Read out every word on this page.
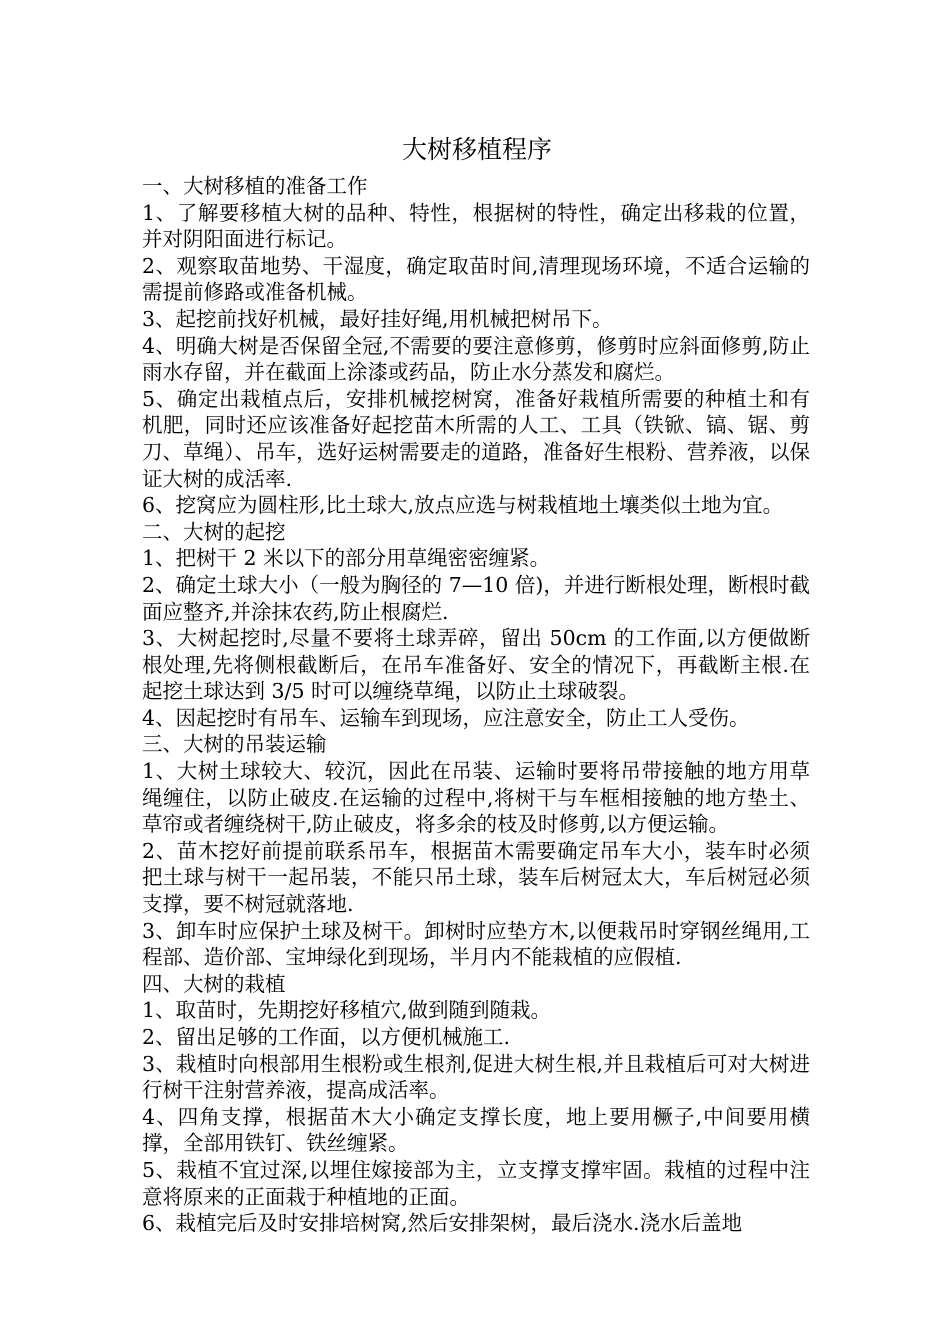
大树移植程序

一、大树移植的准备工作

1、了解要移植大树的品种、特性，根据树的特性，确定出移栽的位置，并对阴阳面进行标记。

2、观察取苗地势、干湿度，确定取苗时间,清理现场环境，不适合运输的需提前修路或准备机械。

3、起挖前找好机械，最好挂好绳,用机械把树吊下。

4、明确大树是否保留全冠,不需要的要注意修剪，修剪时应斜面修剪,防止雨水存留，并在截面上涂漆或药品，防止水分蒸发和腐烂。

5、确定出栽植点后，安排机械挖树窝，准备好栽植所需要的种植土和有机肥，同时还应该准备好起挖苗木所需的人工、工具（铁锨、镐、锯、剪刀、草绳）、吊车，选好运树需要走的道路，准备好生根粉、营养液，以保证大树的成活率.

6、挖窝应为圆柱形,比土球大,放点应选与树栽植地土壤类似土地为宜。

二、大树的起挖

1、把树干 2 米以下的部分用草绳密密缠紧。

2、确定土球大小（一般为胸径的 7—10 倍)，并进行断根处理，断根时截面应整齐,并涂抹农药,防止根腐烂.

3、大树起挖时,尽量不要将土球弄碎，留出 50cm 的工作面,以方便做断根处理,先将侧根截断后，在吊车准备好、安全的情况下，再截断主根.在起挖土球达到 3/5 时可以缠绕草绳，以防止土球破裂。

4、因起挖时有吊车、运输车到现场，应注意安全，防止工人受伤。

三、大树的吊装运输

1、大树土球较大、较沉，因此在吊装、运输时要将吊带接触的地方用草绳缠住，以防止破皮.在运输的过程中,将树干与车框相接触的地方垫土、草帘或者缠绕树干,防止破皮，将多余的枝及时修剪,以方便运输。

2、苗木挖好前提前联系吊车，根据苗木需要确定吊车大小，装车时必须把土球与树干一起吊装，不能只吊土球，装车后树冠太大，车后树冠必须支撑，要不树冠就落地.

3、卸车时应保护土球及树干。卸树时应垫方木,以便栽吊时穿钢丝绳用,工程部、造价部、宝坤绿化到现场，半月内不能栽植的应假植.

四、大树的栽植

1、取苗时，先期挖好移植穴,做到随到随栽。

2、留出足够的工作面，以方便机械施工.

3、栽植时向根部用生根粉或生根剂,促进大树生根,并且栽植后可对大树进行树干注射营养液，提高成活率。

4、四角支撑，根据苗木大小确定支撑长度，地上要用橛子,中间要用横撑，全部用铁钉、铁丝缠紧。

5、栽植不宜过深,以埋住嫁接部为主，立支撑支撑牢固。栽植的过程中注意将原来的正面栽于种植地的正面。

6、栽植完后及时安排培树窝,然后安排架树，最后浇水.浇水后盖地
